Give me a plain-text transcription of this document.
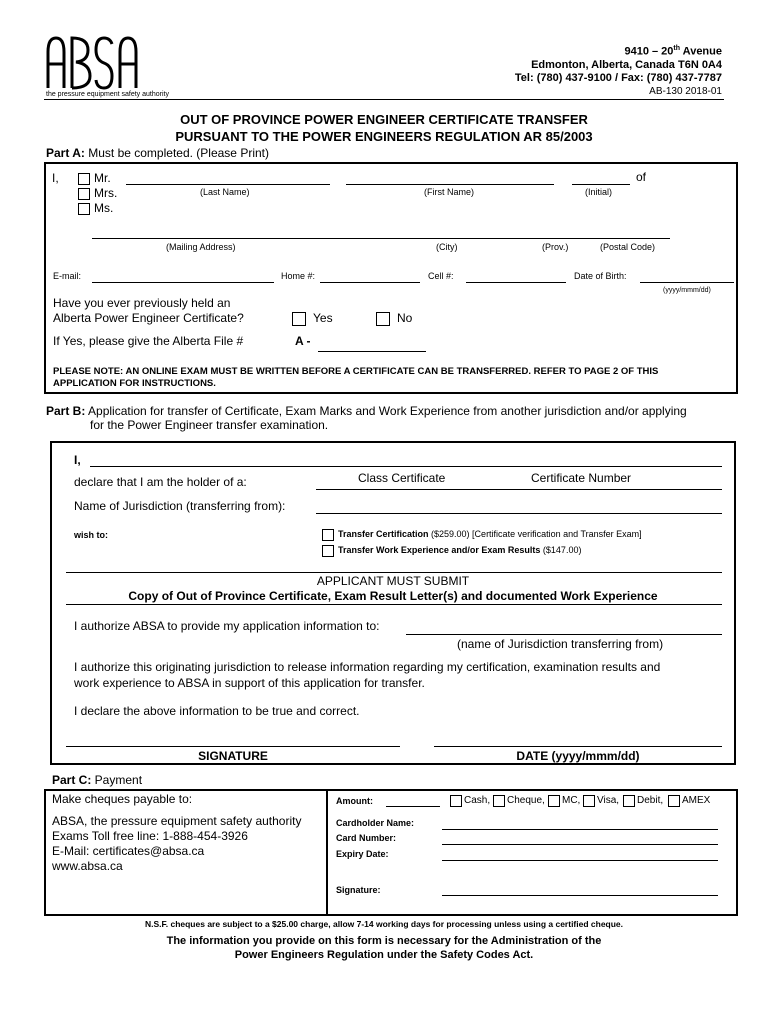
the pressure equipment safety authority
9410 – 20th Avenue
Edmonton, Alberta, Canada T6N 0A4
Tel: (780) 437-9100 / Fax: (780) 437-7787
AB-130 2018-01
OUT OF PROVINCE POWER ENGINEER CERTIFICATE TRANSFER
PURSUANT TO THE POWER ENGINEERS REGULATION AR 85/2003
Part A: Must be completed. (Please Print)
I,	Mr.
Mrs.
Ms.
of
(Last Name)	(First Name)	(Initial)
(Mailing Address)	(City)	(Prov.)	(Postal Code)
E-mail:	Home #:	Cell #:	Date of Birth:
(yyyy/mmm/dd)
Have you ever previously held an
Alberta Power Engineer Certificate?	Yes	No
If Yes, please give the Alberta File #	A -
PLEASE NOTE: AN ONLINE EXAM MUST BE WRITTEN BEFORE A CERTIFICATE CAN BE TRANSFERRED. REFER TO PAGE 2 OF THIS
APPLICATION FOR INSTRUCTIONS.
Part B: Application for transfer of Certificate, Exam Marks and Work Experience from another jurisdiction and/or applying
for the Power Engineer transfer examination.
I,
declare that I am the holder of a:	Class Certificate	Certificate Number
Name of Jurisdiction (transferring from):
wish to:	Transfer Certification ($259.00) [Certificate verification and Transfer Exam]
Transfer Work Experience and/or Exam Results ($147.00)
APPLICANT MUST SUBMIT
Copy of Out of Province Certificate, Exam Result Letter(s) and documented Work Experience
I authorize ABSA to provide my application information to:
(name of Jurisdiction transferring from)
I authorize this originating jurisdiction to release information regarding my certification, examination results and
work experience to ABSA in support of this application for transfer.
I declare the above information to be true and correct.
SIGNATURE	DATE (yyyy/mmm/dd)
Part C: Payment
Make cheques payable to:
ABSA, the pressure equipment safety authority
Exams Toll free line: 1-888-454-3926
E-Mail: certificates@absa.ca
www.absa.ca
Amount:	Cash, Cheque, MC, Visa, Debit, AMEX
Cardholder Name:
Card Number:
Expiry Date:
Signature:
N.S.F. cheques are subject to a $25.00 charge, allow 7-14 working days for processing unless using a certified cheque.
The information you provide on this form is necessary for the Administration of the
Power Engineers Regulation under the Safety Codes Act.
